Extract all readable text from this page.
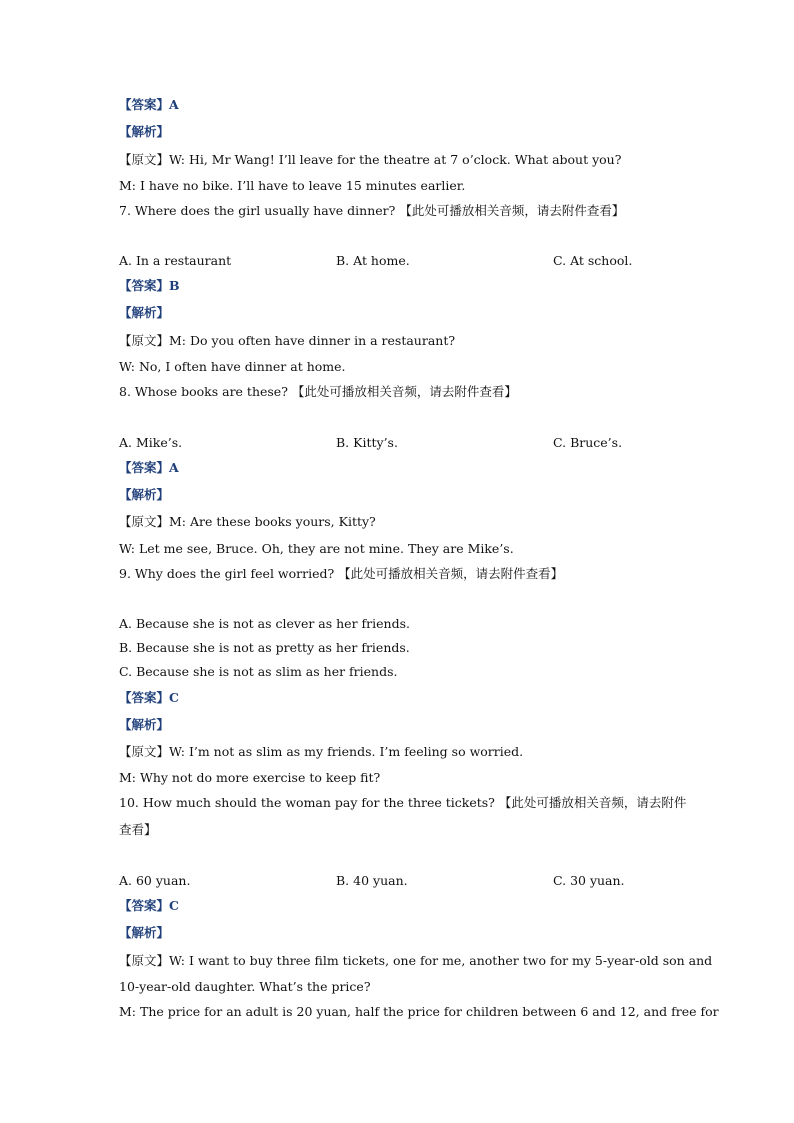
【答案】A
【解析】
【原文】W: Hi, Mr Wang! I’ll leave for the theatre at 7 o’clock. What about you?
M: I have no bike. I’ll have to leave 15 minutes earlier.
7. Where does the girl usually have dinner? 【此处可播放相关音频，请去附件查看】
A. In a restaurant	B. At home.	C. At school.
【答案】B
【解析】
【原文】M: Do you often have dinner in a restaurant?
W: No, I often have dinner at home.
8. Whose books are these? 【此处可播放相关音频，请去附件查看】
A. Mike’s.	B. Kitty’s.	C. Bruce’s.
【答案】A
【解析】
【原文】M: Are these books yours, Kitty?
W: Let me see, Bruce. Oh, they are not mine. They are Mike’s.
9. Why does the girl feel worried? 【此处可播放相关音频，请去附件查看】
A. Because she is not as clever as her friends.
B. Because she is not as pretty as her friends.
C. Because she is not as slim as her friends.
【答案】C
【解析】
【原文】W: I’m not as slim as my friends. I’m feeling so worried.
M: Why not do more exercise to keep fit?
10. How much should the woman pay for the three tickets? 【此处可播放相关音频，请去附件
查看】
A. 60 yuan.	B. 40 yuan.	C. 30 yuan.
【答案】C
【解析】
【原文】W: I want to buy three film tickets, one for me, another two for my 5-year-old son and
10-year-old daughter. What’s the price?
M: The price for an adult is 20 yuan, half the price for children between 6 and 12, and free for
